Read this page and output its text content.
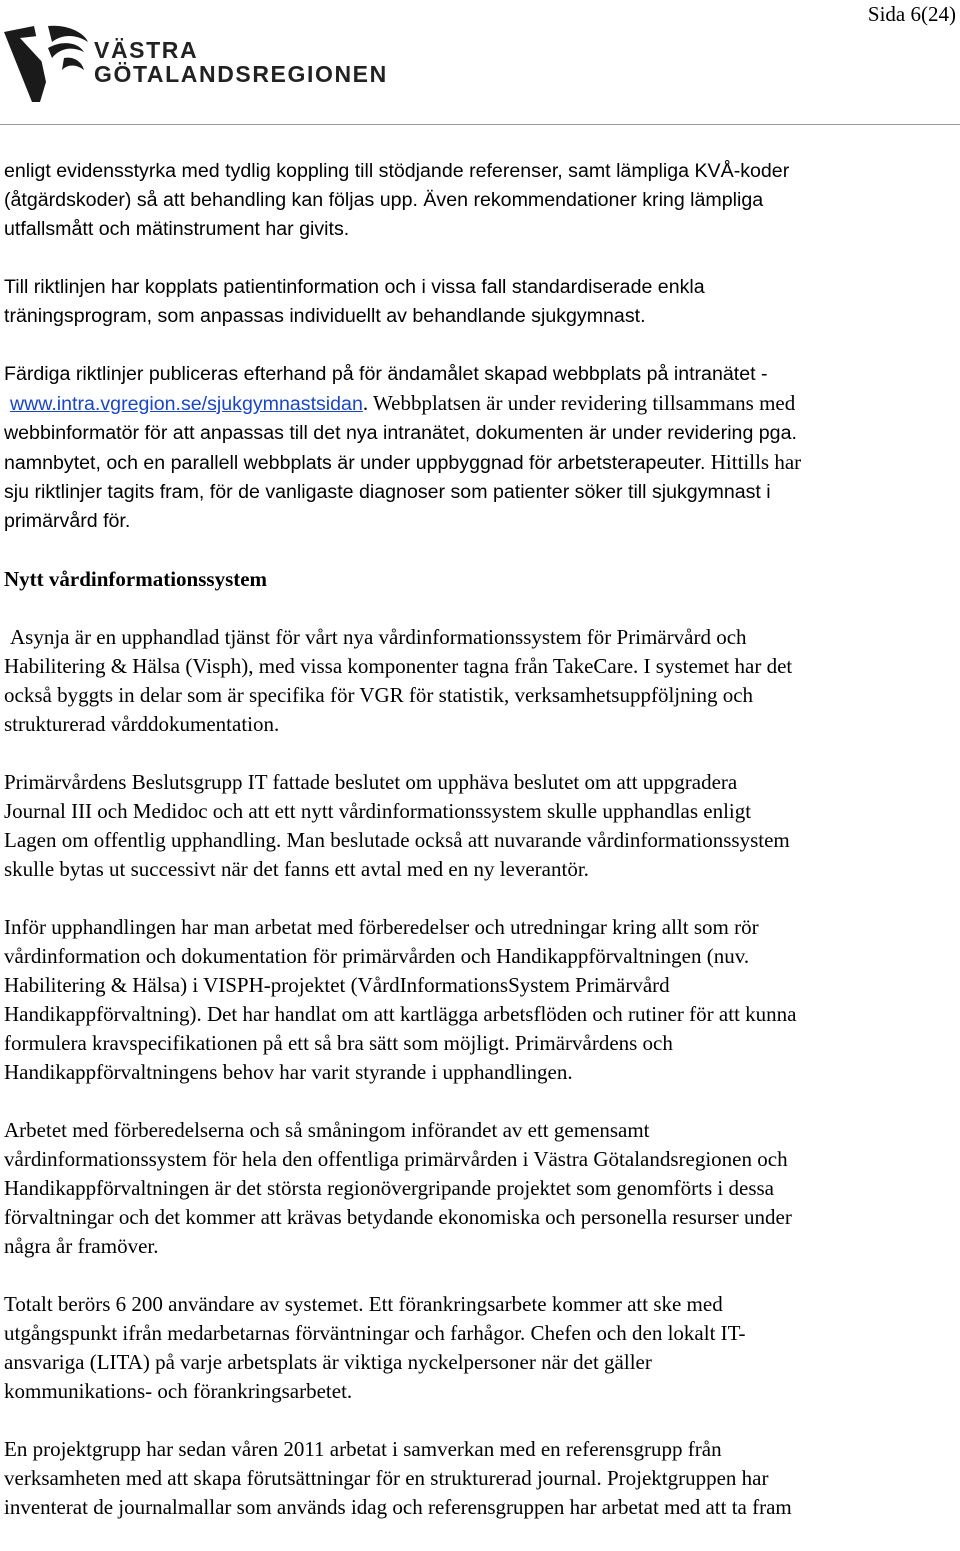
Sida 6(24)
VÄSTRA
GÖTALANDSREGIONEN

enligt evidensstyrka med tydlig koppling till stödjande referenser, samt lämpliga KVÅ-koder
(åtgärdskoder) så att behandling kan följas upp. Även rekommendationer kring lämpliga
utfallsmått och mätinstrument har givits.

Till riktlinjen har kopplats patientinformation och i vissa fall standardiserade enkla
träningsprogram, som anpassas individuellt av behandlande sjukgymnast.

Färdiga riktlinjer publiceras efterhand på för ändamålet skapad webbplats på intranätet -
www.intra.vgregion.se/sjukgymnastsidan. Webbplatsen är under revidering tillsammans med
webbinformatör för att anpassas till det nya intranätet, dokumenten är under revidering pga.
namnbytet, och en parallell webbplats är under uppbyggnad för arbetsterapeuter. Hittills har
sju riktlinjer tagits fram, för de vanligaste diagnoser som patienter söker till sjukgymnast i
primärvård för.

Nytt vårdinformationssystem

Asynja är en upphandlad tjänst för vårt nya vårdinformationssystem för Primärvård och
Habilitering & Hälsa (Visph), med vissa komponenter tagna från TakeCare. I systemet har det
också byggts in delar som är specifika för VGR för statistik, verksamhetsuppföljning och
strukturerad vårddokumentation.

Primärvårdens Beslutsgrupp IT fattade beslutet om upphäva beslutet om att uppgradera
Journal III och Medidoc och att ett nytt vårdinformationssystem skulle upphandlas enligt
Lagen om offentlig upphandling. Man beslutade också att nuvarande vårdinformationssystem
skulle bytas ut successivt när det fanns ett avtal med en ny leverantör.

Inför upphandlingen har man arbetat med förberedelser och utredningar kring allt som rör
vårdinformation och dokumentation för primärvården och Handikappförvaltningen (nuv.
Habilitering & Hälsa) i VISPH-projektet (VårdInformationsSystem Primärvård
Handikappförvaltning). Det har handlat om att kartlägga arbetsflöden och rutiner för att kunna
formulera kravspecifikationen på ett så bra sätt som möjligt. Primärvårdens och
Handikappförvaltningens behov har varit styrande i upphandlingen.

Arbetet med förberedelserna och så småningom införandet av ett gemensamt
vårdinformationssystem för hela den offentliga primärvården i Västra Götalandsregionen och
Handikappförvaltningen är det största regionövergripande projektet som genomförts i dessa
förvaltningar och det kommer att krävas betydande ekonomiska och personella resurser under
några år framöver.

Totalt berörs 6 200 användare av systemet. Ett förankringsarbete kommer att ske med
utgångspunkt ifrån medarbetarnas förväntningar och farhågor. Chefen och den lokalt IT-
ansvariga (LITA) på varje arbetsplats är viktiga nyckelpersoner när det gäller
kommunikations- och förankringsarbetet.

En projektgrupp har sedan våren 2011 arbetat i samverkan med en referensgrupp från
verksamheten med att skapa förutsättningar för en strukturerad journal. Projektgruppen har
inventerat de journalmallar som används idag och referensgruppen har arbetat med att ta fram
